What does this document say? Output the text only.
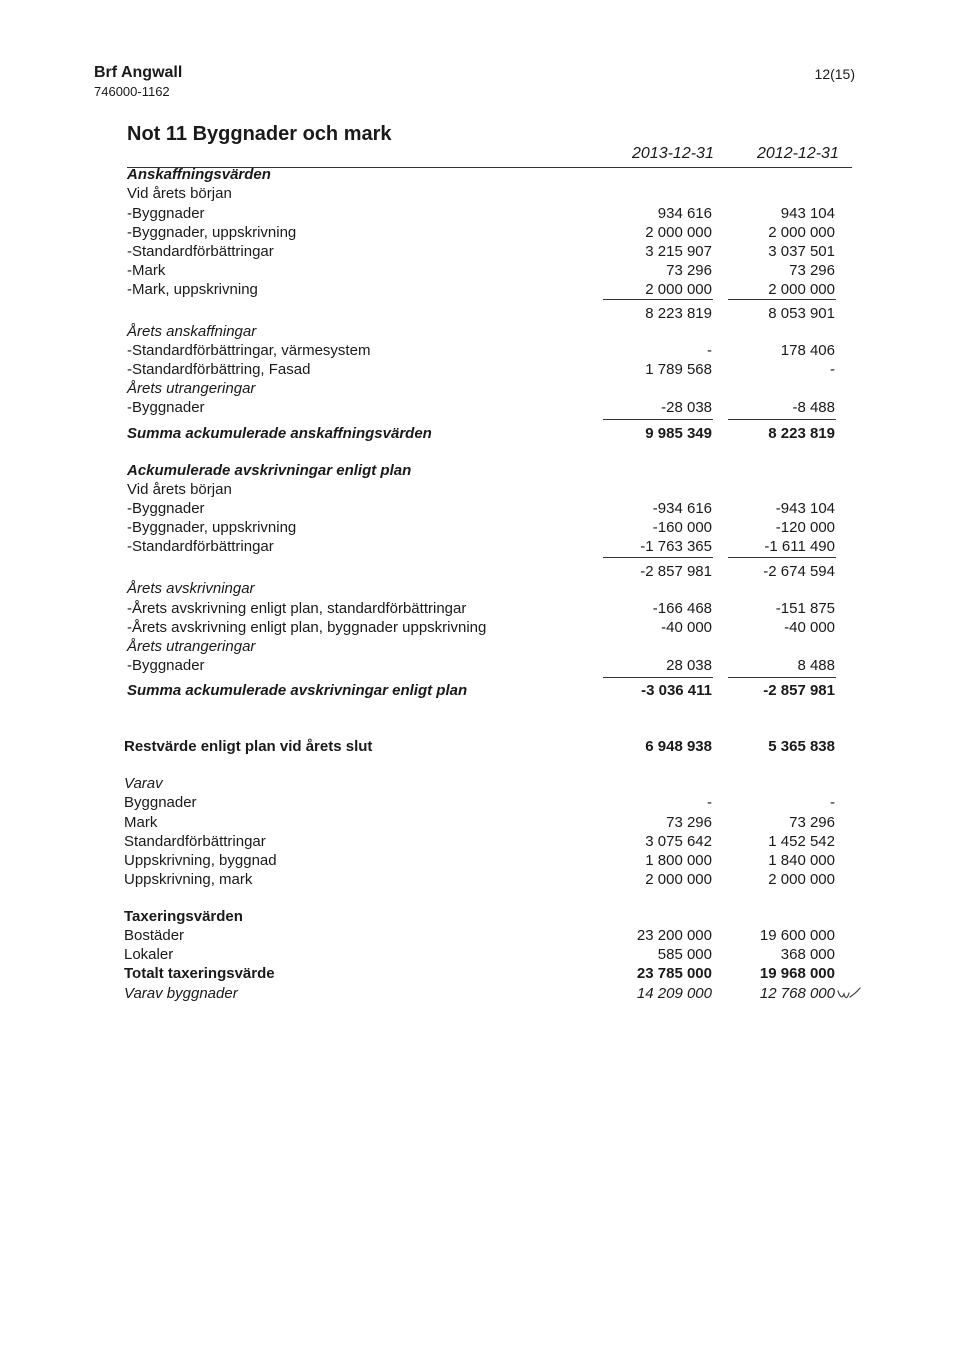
Brf Angwall
746000-1162
12(15)
Not 11 Byggnader och mark
2013-12-31	2012-12-31
Anskaffningsvärden
Vid årets början
-Byggnader	934 616	943 104
-Byggnader, uppskrivning	2 000 000	2 000 000
-Standardförbättringar	3 215 907	3 037 501
-Mark	73 296	73 296
-Mark, uppskrivning	2 000 000	2 000 000
8 223 819	8 053 901
Årets anskaffningar
-Standardförbättringar, värmesystem	-	178 406
-Standardförbättring, Fasad	1 789 568	-
Årets utrangeringar
-Byggnader	-28 038	-8 488
Summa ackumulerade anskaffningsvärden	9 985 349	8 223 819
Ackumulerade avskrivningar enligt plan
Vid årets början
-Byggnader	-934 616	-943 104
-Byggnader, uppskrivning	-160 000	-120 000
-Standardförbättringar	-1 763 365	-1 611 490
-2 857 981	-2 674 594
Årets avskrivningar
-Årets avskrivning enligt plan, standardförbättringar	-166 468	-151 875
-Årets avskrivning enligt plan, byggnader uppskrivning	-40 000	-40 000
Årets utrangeringar
-Byggnader	28 038	8 488
Summa ackumulerade avskrivningar enligt plan	-3 036 411	-2 857 981
Restvärde enligt plan vid årets slut	6 948 938	5 365 838
Varav
Byggnader	-	-
Mark	73 296	73 296
Standardförbättringar	3 075 642	1 452 542
Uppskrivning, byggnad	1 800 000	1 840 000
Uppskrivning, mark	2 000 000	2 000 000
Taxeringsvärden
Bostäder	23 200 000	19 600 000
Lokaler	585 000	368 000
Totalt taxeringsvärde	23 785 000	19 968 000
Varav byggnader	14 209 000	12 768 000
